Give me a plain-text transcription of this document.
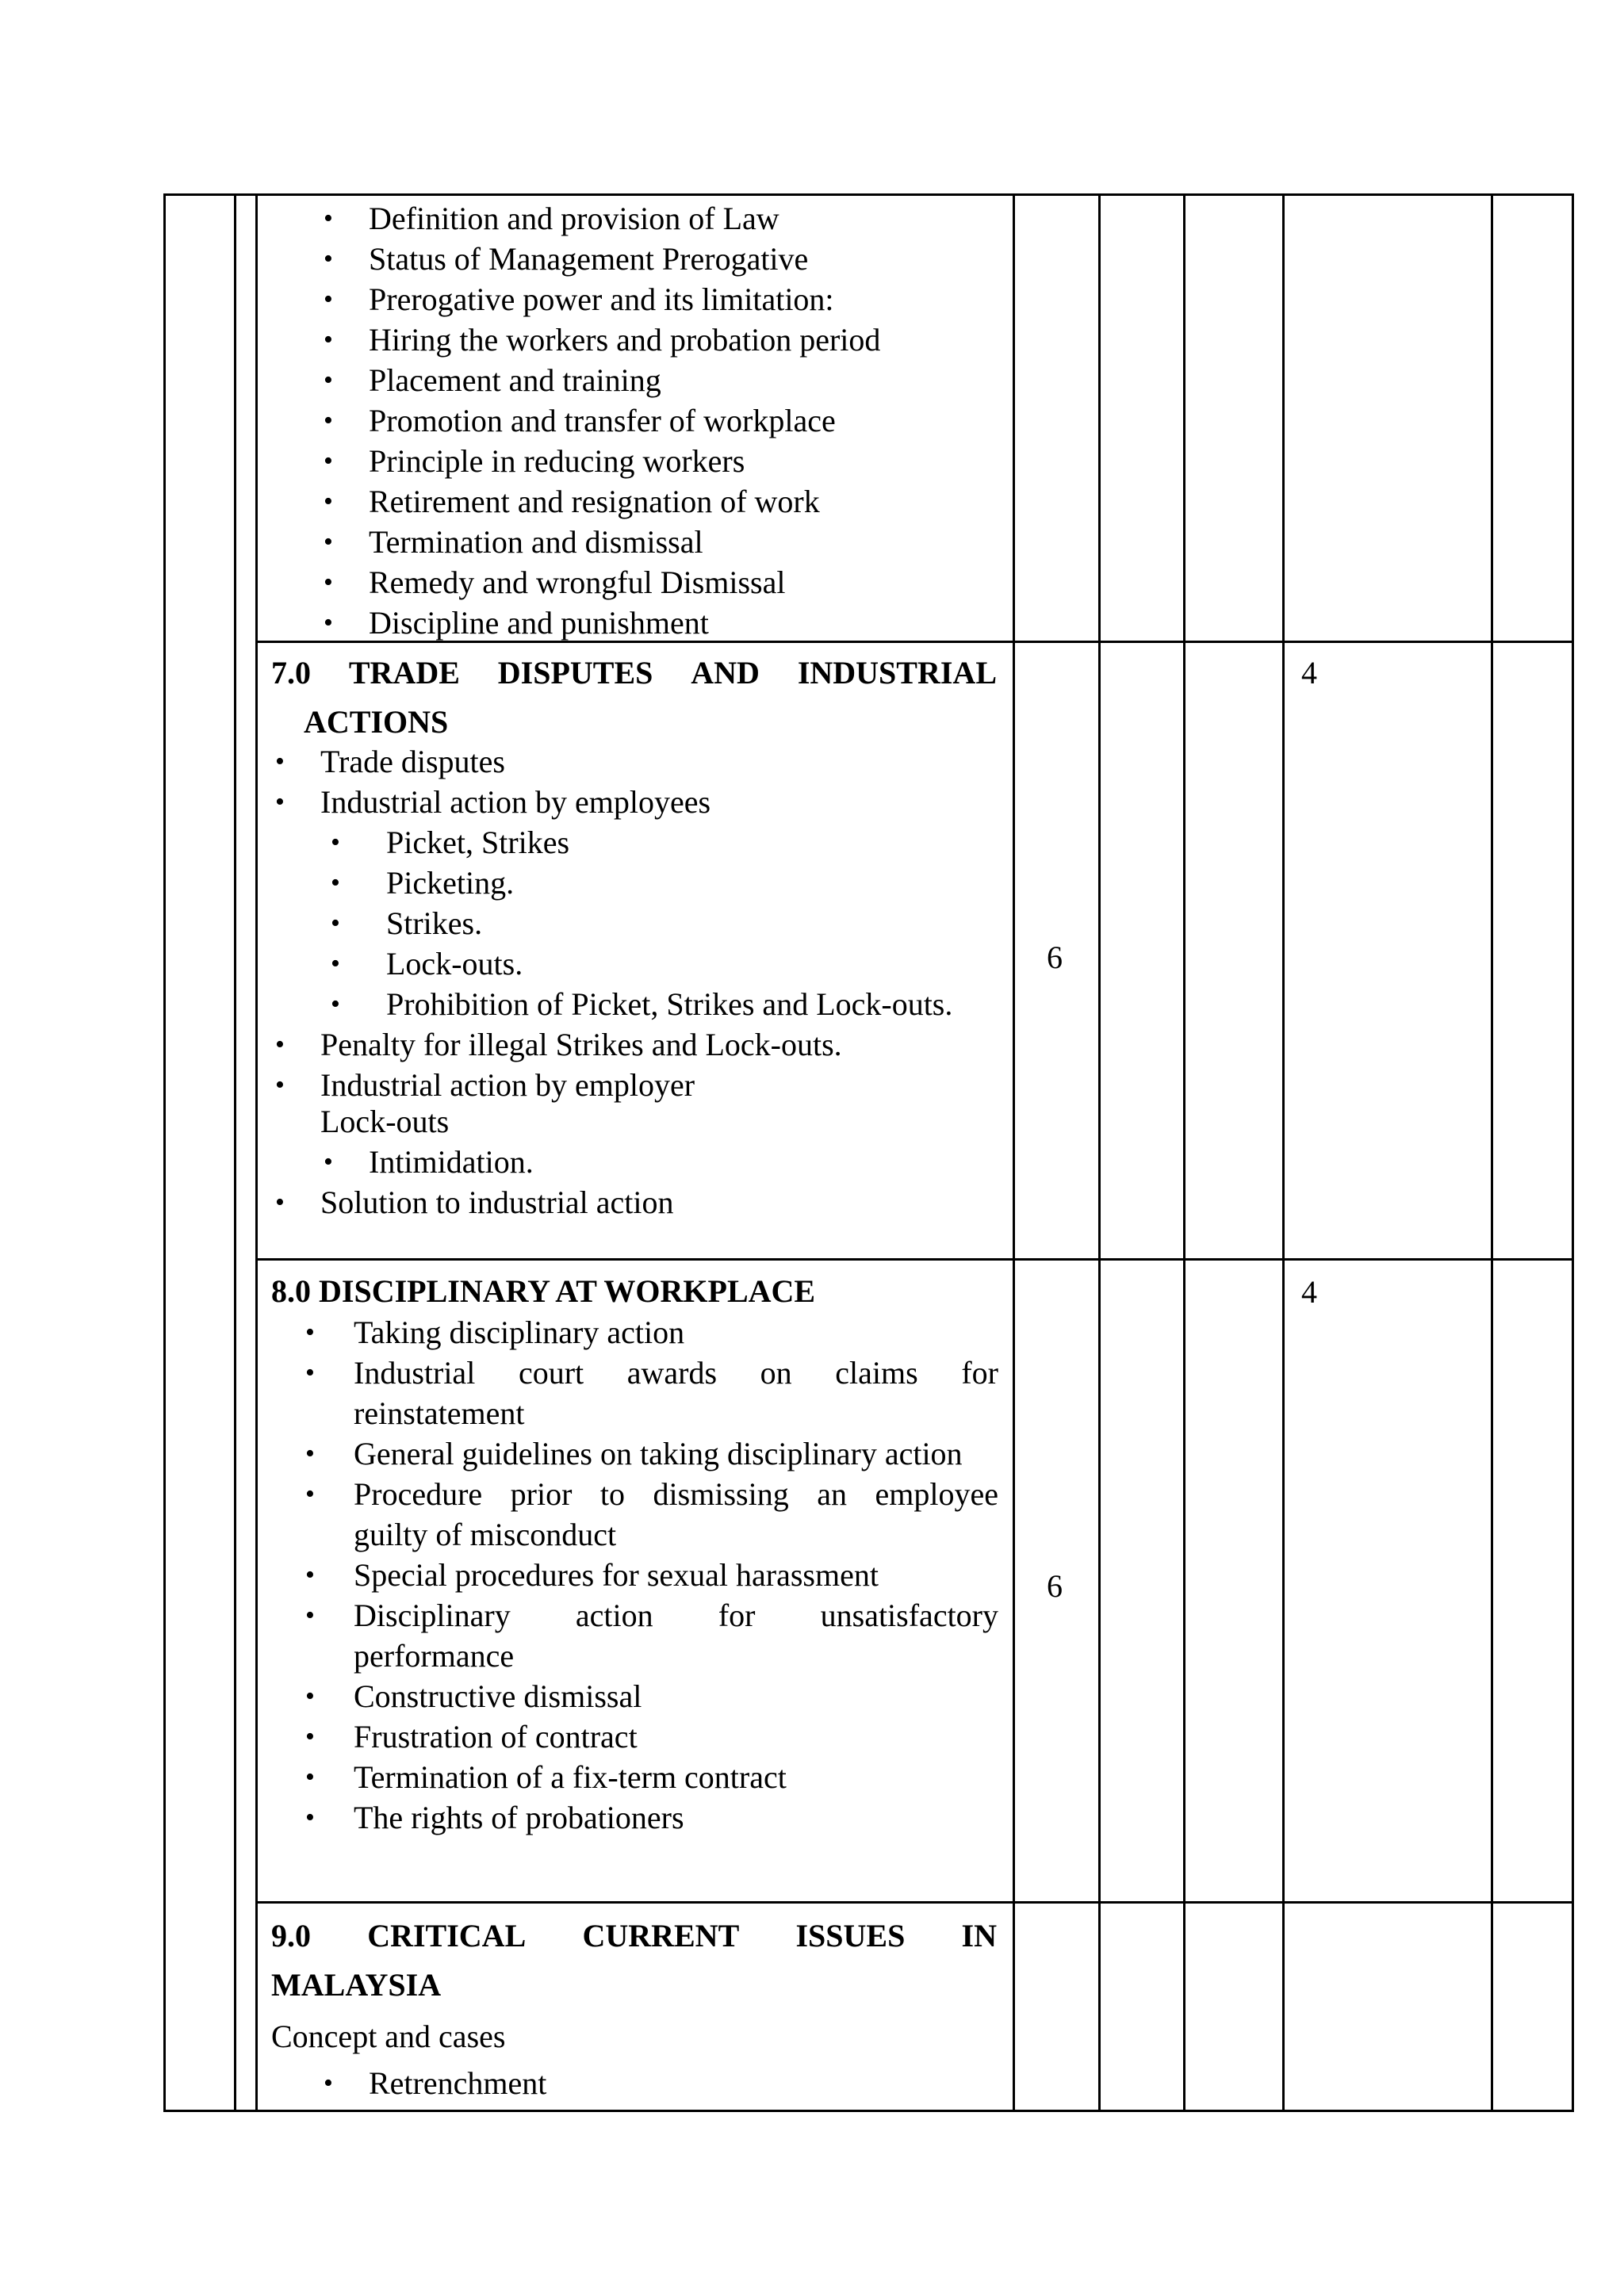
• Definition and provision of Law
• Status of Management Prerogative
• Prerogative power and its limitation:
• Hiring the workers and probation period
• Placement and training
• Promotion and transfer of workplace
• Principle in reducing workers
• Retirement and resignation of work
• Termination and dismissal
• Remedy and wrongful Dismissal
• Discipline and punishment
7.0 TRADE DISPUTES AND INDUSTRIAL
ACTIONS
• Trade disputes
• Industrial action by employees
• Picket, Strikes
• Picketing.
• Strikes.
• Lock-outs.
• Prohibition of Picket, Strikes and Lock-outs.
• Penalty for illegal Strikes and Lock-outs.
• Industrial action by employer
Lock-outs
• Intimidation.
• Solution to industrial action
6
4
8.0 DISCIPLINARY AT WORKPLACE
• Taking disciplinary action
• Industrial court awards on claims for
reinstatement
• General guidelines on taking disciplinary action
• Procedure prior to dismissing an employee
guilty of misconduct
• Special procedures for sexual harassment
• Disciplinary action for unsatisfactory
performance
• Constructive dismissal
• Frustration of contract
• Termination of a fix-term contract
• The rights of probationers
6
4
9.0 CRITICAL CURRENT ISSUES IN
MALAYSIA
Concept and cases
• Retrenchment
